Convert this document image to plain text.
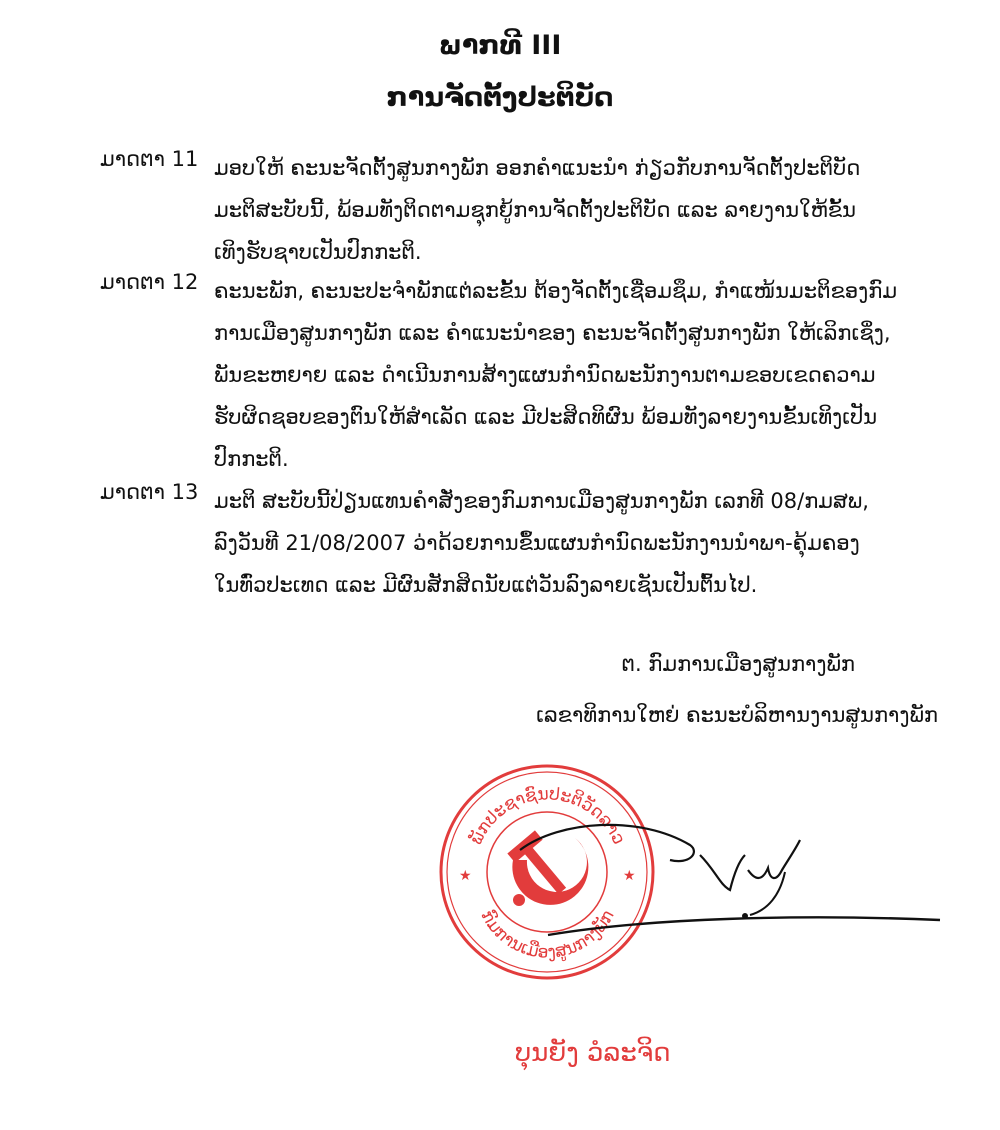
ພາກທີ III
ການຈັດຕັ້ງປະຕິບັດ
ມາດຕາ 11 ມອບໃຫ້ ຄະນະຈັດຕັ້ງສູນກາງພັກ ອອກຄຳແນະນຳ ກ່ຽວກັບການຈັດຕັ້ງປະຕິບັດ
ມະຕິສະບັບນີ້, ພ້ອມທັງຕິດຕາມຊຸກຍູ້ການຈັດຕັ້ງປະຕິບັດ ແລະ ລາຍງານໃຫ້ຂັ້ນ
ເທິງຮັບຊາບເປັນປົກກະຕິ.
ມາດຕາ 12 ຄະນະພັກ, ຄະນະປະຈຳພັກແຕ່ລະຂັ້ນ ຕ້ອງຈັດຕັ້ງເຊື່ອມຊຶມ, ກຳແໜ້ນມະຕິຂອງກົມ
ການເມືອງສູນກາງພັກ ແລະ ຄຳແນະນຳຂອງ ຄະນະຈັດຕັ້ງສູນກາງພັກ ໃຫ້ເລິກເຊິ່ງ,
ພັນຂະຫຍາຍ ແລະ ດຳເນີນການສ້າງແຜນກຳນົດພະນັກງານຕາມຂອບເຂດຄວາມ
ຮັບຜິດຊອບຂອງຕົນໃຫ້ສຳເລັດ ແລະ ມີປະສິດທິຜົນ ພ້ອມທັງລາຍງານຂັ້ນເທິງເປັນ
ປົກກະຕິ.
ມາດຕາ 13 ມະຕິ ສະບັບນີ້ປ່ຽນແທນຄຳສັ່ງຂອງກົມການເມືອງສູນກາງພັກ ເລກທີ 08/ກມສພ,
ລົງວັນທີ 21/08/2007 ວ່າດ້ວຍການຂຶ້ນແຜນກຳນົດພະນັກງານນຳພາ-ຄຸ້ມຄອງ
ໃນທົ່ວປະເທດ ແລະ ມີຜົນສັກສິດນັບແຕ່ວັນລົງລາຍເຊັນເປັນຕົ້ນໄປ.
ຕ. ກົມການເມືອງສູນກາງພັກ
ເລຂາທິການໃຫຍ່ ຄະນະບໍລິຫານງານສູນກາງພັກ
ພັກປະຊາຊົນປະຕິວັດລາວ
ກົມການເມືອງສູນກາງພັກ
★	★
ບຸນຍັງ ວໍລະຈິດ
